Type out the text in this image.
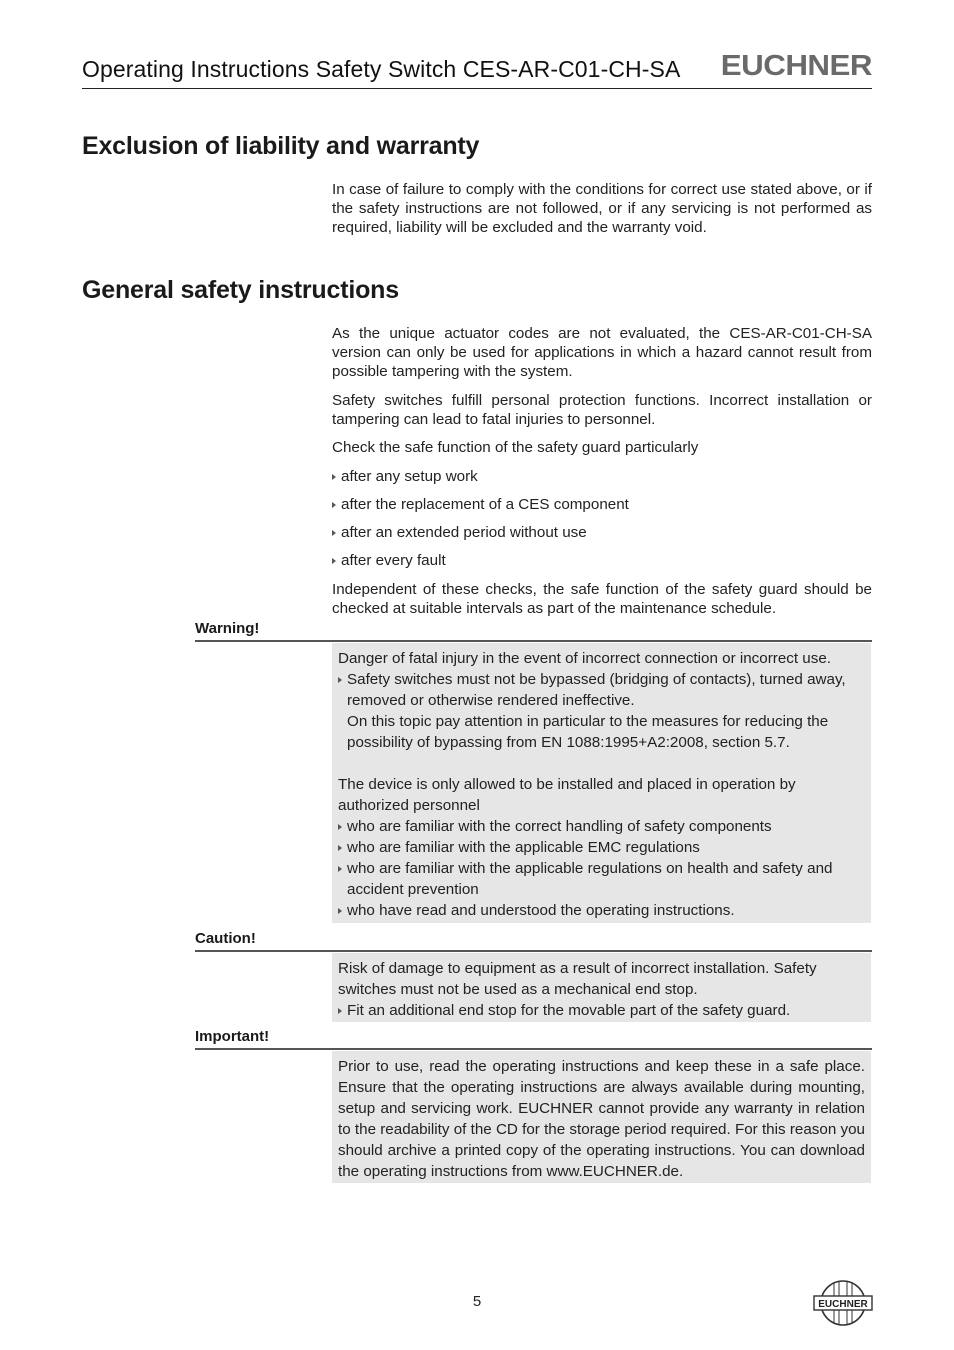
Operating Instructions Safety Switch CES-AR-C01-CH-SA EUCHNER
Exclusion of liability and warranty

In case of failure to comply with the conditions for correct use stated above, or if the safety instructions are not followed, or if any servicing is not performed as required, liability will be excluded and the warranty void.

General safety instructions

As the unique actuator codes are not evaluated, the CES-AR-C01-CH-SA version can only be used for applications in which a hazard cannot result from possible tampering with the system.

Safety switches fulfill personal protection functions. Incorrect installation or tampering can lead to fatal injuries to personnel.

Check the safe function of the safety guard particularly

after any setup work
after the replacement of a CES component
after an extended period without use
after every fault

Independent of these checks, the safe function of the safety guard should be checked at suitable intervals as part of the maintenance schedule.

Warning!

Danger of fatal injury in the event of incorrect connection or incorrect use.

Safety switches must not be bypassed (bridging of contacts), turned away, removed or otherwise rendered ineffective.

On this topic pay attention in particular to the measures for reducing the possibility of bypassing from EN 1088:1995+A2:2008, section 5.7.

The device is only allowed to be installed and placed in operation by authorized personnel

who are familiar with the correct handling of safety components

who are familiar with the applicable EMC regulations

who are familiar with the applicable regulations on health and safety and accident prevention

who have read and understood the operating instructions.

Caution!

Risk of damage to equipment as a result of incorrect installation. Safety switches must not be used as a mechanical end stop.

Fit an additional end stop for the movable part of the safety guard.

Important!

Prior to use, read the operating instructions and keep these in a safe place. Ensure that the operating instructions are always available during mounting, setup and servicing work. EUCHNER cannot provide any warranty in relation to the readability of the CD for the storage period required. For this reason you should archive a printed copy of the operating instructions. You can download the operating instructions from www.EUCHNER.de.

5	EUCHNER
